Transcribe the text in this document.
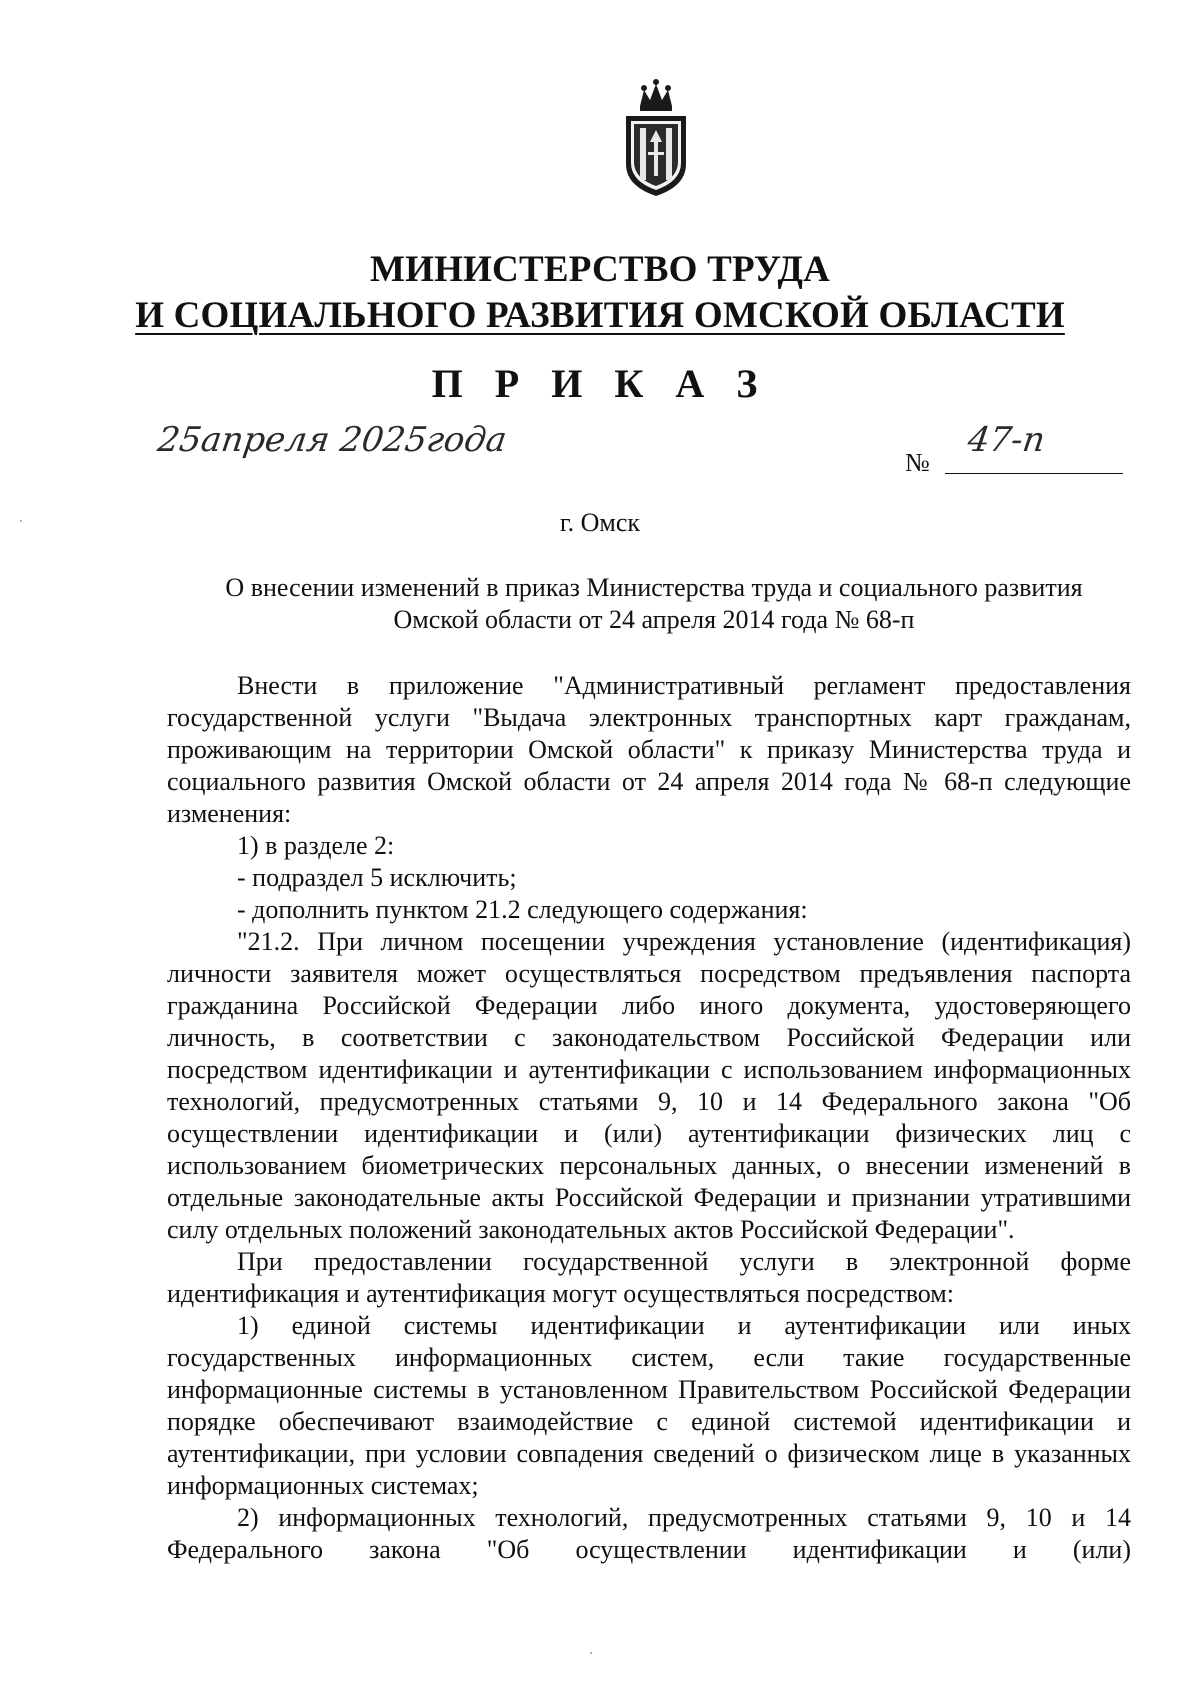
МИНИСТЕРСТВО ТРУДА
И СОЦИАЛЬНОГО РАЗВИТИЯ ОМСКОЙ ОБЛАСТИ
П Р И К А З
25апреля 2025года
№
47-п
г. Омск
О внесении изменений в приказ Министерства труда и социального развития
Омской области от 24 апреля 2014 года № 68-п

Внести в приложение "Административный регламент предоставления государственной услуги "Выдача электронных транспортных карт гражданам, проживающим на территории Омской области" к приказу Министерства труда и социального развития Омской области от 24 апреля 2014 года № 68-п следующие изменения:

1) в разделе 2:

- подраздел 5 исключить;

- дополнить пунктом 21.2 следующего содержания:

"21.2. При личном посещении учреждения установление (идентификация) личности заявителя может осуществляться посредством предъявления паспорта гражданина Российской Федерации либо иного документа, удостоверяющего личность, в соответствии с законодательством Российской Федерации или посредством идентификации и аутентификации с использованием информационных технологий, предусмотренных статьями 9, 10 и 14 Федерального закона "Об осуществлении идентификации и (или) аутентификации физических лиц с использованием биометрических персональных данных, о внесении изменений в отдельные законодательные акты Российской Федерации и признании утратившими силу отдельных положений законодательных актов Российской Федерации".

При предоставлении государственной услуги в электронной форме идентификация и аутентификация могут осуществляться посредством:

1) единой системы идентификации и аутентификации или иных государственных информационных систем, если такие государственные информационные системы в установленном Правительством Российской Федерации порядке обеспечивают взаимодействие с единой системой идентификации и аутентификации, при условии совпадения сведений о физическом лице в указанных информационных системах;

2) информационных технологий, предусмотренных статьями 9, 10 и 14 Федерального закона "Об осуществлении идентификации и (или)
